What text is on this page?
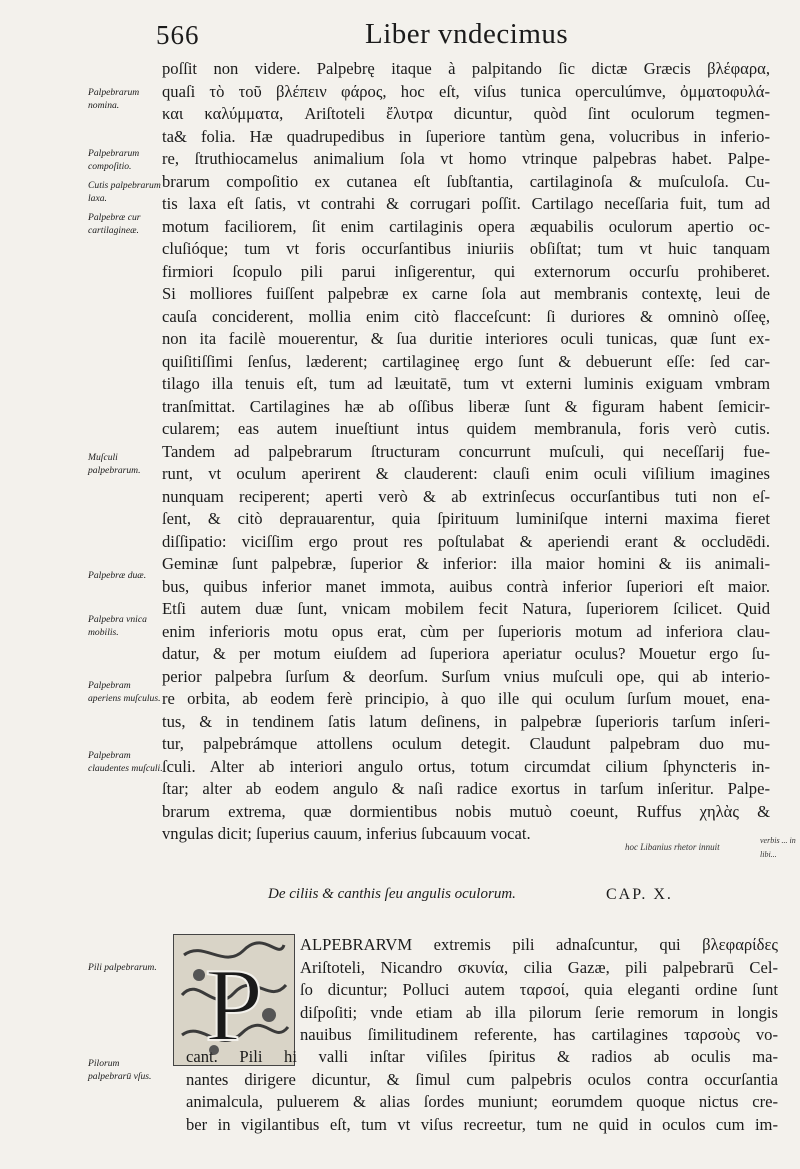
566	Liber vndecimus
poſſit non videre. Palpebrę itaque à palpitando ſic dictæ Græcis βλέφαρα,
quaſi τὸ τοῦ βλέπειν φάρος, hoc eſt, viſus tunica operculúmve, ὀμματοφυλά-
και καλύμματα, Ariſtoteli ἔλυτρα dicuntur, quòd ſint oculorum tegmen-
ta& folia. Hæ quadrupedibus in ſuperiore tantùm gena, volucribus in inferio-
re, ſtruthiocamelus animalium ſola vt homo vtrinque palpebras habet. Palpe-
brarum compoſitio ex cutanea eſt ſubſtantia, cartilaginoſa & muſculoſa. Cu-
tis laxa eſt ſatis, vt contrahi & corrugari poſſit. Cartilago neceſſaria fuit, tum ad
motum faciliorem, ſit enim cartilaginis opera æquabilis oculorum apertio oc-
cluſióque; tum vt foris occurſantibus iniuriis obſiſtat; tum vt huic tanquam
firmiori ſcopulo pili parui inſigerentur, qui externorum occurſu prohiberet.
Si molliores fuiſſent palpebræ ex carne ſola aut membranis contextę, leui de
cauſa conciderent, mollia enim citò flacceſcunt: ſi duriores & omninò oſſeę,
non ita facilè mouerentur, & ſua duritie interiores oculi tunicas, quæ ſunt ex-
quiſitiſſimi ſenſus, læderent; cartilagineę ergo ſunt & debuerunt eſſe: ſed car-
tilago illa tenuis eſt, tum ad læuitatē, tum vt externi luminis exiguam vmbram
tranſmittat. Cartilagines hæ ab oſſibus liberæ ſunt & figuram habent ſemicir-
cularem; eas autem inueſtiunt intus quidem membranula, foris verò cutis.
Tandem ad palpebrarum ſtructuram concurrunt muſculi, qui neceſſarij fue-
runt, vt oculum aperirent & clauderent: clauſi enim oculi viſilium imagines
nunquam reciperent; aperti verò & ab extrinſecus occurſantibus tuti non eſ-
ſent, & citò deprauarentur, quia ſpirituum luminiſque interni maxima fieret
diſſipatio: viciſſim ergo prout res poſtulabat & aperiendi erant & occludēdi.
Geminæ ſunt palpebræ, ſuperior & inferior: illa maior homini & iis animali-
bus, quibus inferior manet immota, auibus contrà inferior ſuperiori eſt maior.
Etſi autem duæ ſunt, vnicam mobilem fecit Natura, ſuperiorem ſcilicet. Quid
enim inferioris motu opus erat, cùm per ſuperioris motum ad inferiora clau-
datur, & per motum eiuſdem ad ſuperiora aperiatur oculus? Mouetur ergo ſu-
perior palpebra ſurſum & deorſum. Surſum vnius muſculi ope, qui ab interio-
re orbita, ab eodem ferè principio, à quo ille qui oculum ſurſum mouet, ena-
tus, & in tendinem ſatis latum deſinens, in palpebræ ſuperioris tarſum inſeri-
tur, palpebrámque attollens oculum detegit. Claudunt palpebram duo mu-
ſculi. Alter ab interiori angulo ortus, totum circumdat cilium ſphyncteris in-
ſtar; alter ab eodem angulo & naſi radice exortus in tarſum inſeritur. Palpe-
brarum extrema, quæ dormientibus nobis mutuò coeunt, Ruffus χηλὰς &
vngulas dicit; ſuperius cauum, inferius ſubcauum vocat.
Palpebrarum nomina.
Palpebrarum compoſitio.
Cutis palpebrarum laxa.
Palpebræ cur cartilagineæ.
Muſculi palpebrarum.
Palpebræ duæ.
Palpebra vnica mobilis.
Palpebram aperiens muſculus.
Palpebram claudentes muſculi.
Pili palpebrarum.
Pilorum palpebrarū vſus.
hoc Libanius rhetor innuit
verbis ... in libi...
De ciliis & canthis ſeu angulis oculorum.	CAP. X.
P
ALPEBRARVM extremis pili adnaſcuntur, qui βλεφαρίδες
Ariſtoteli, Nicandro σκυνία, cilia Gazæ, pili palpebrarū Cel-
ſo dicuntur; Polluci autem ταρσοί, quia eleganti ordine ſunt
diſpoſiti; vnde etiam ab illa pilorum ſerie remorum in longis
nauibus ſimilitudinem referente, has cartilagines ταρσοὺς vo-
cant. Pili hi valli inſtar viſiles ſpiritus & radios ab oculis ma-
nantes dirigere dicuntur, & ſimul cum palpebris oculos contra occurſantia
animalcula, puluerem & alias ſordes muniunt; eorumdem quoque nictus cre-
ber in vigilantibus eſt, tum vt viſus recreetur, tum ne quid in oculos cum im-
